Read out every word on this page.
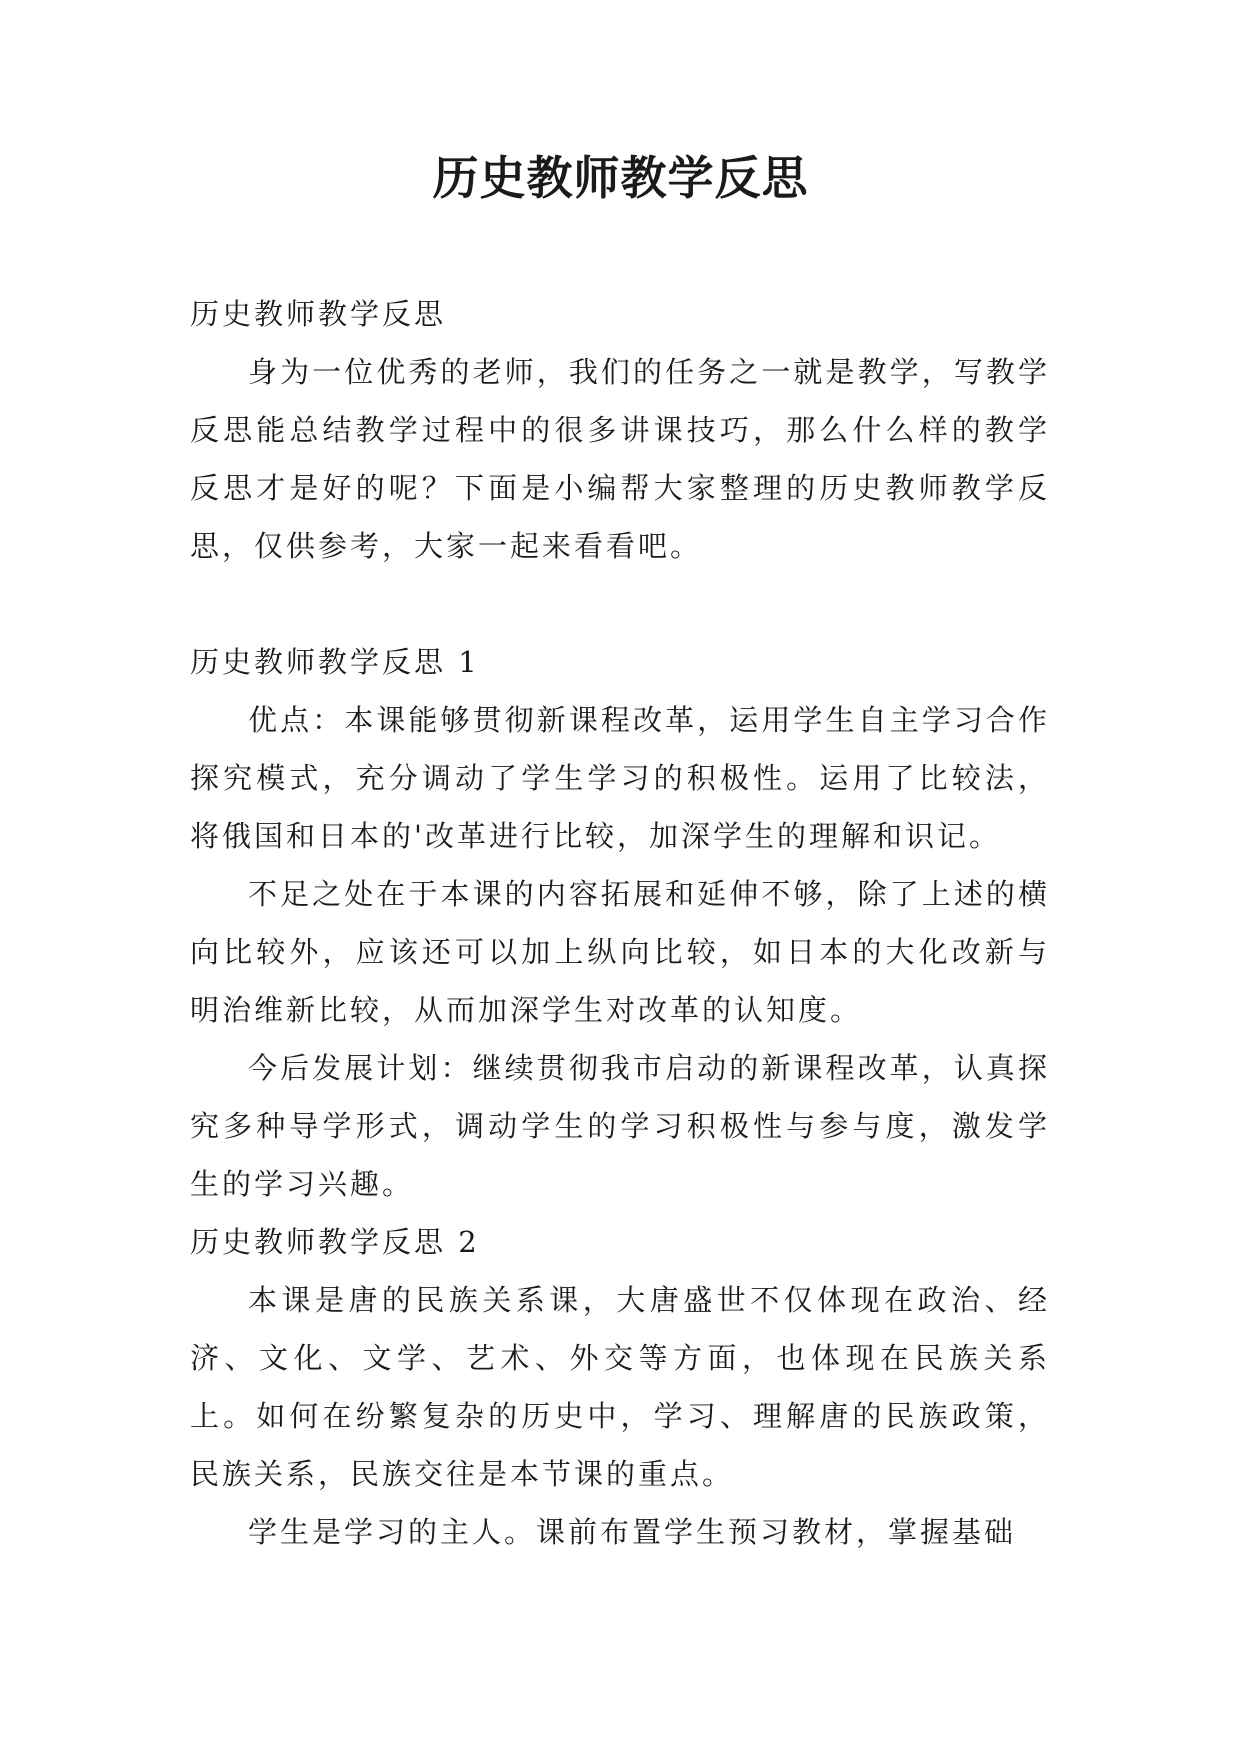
历史教师教学反思

历史教师教学反思

身为一位优秀的老师，我们的任务之一就是教学，写教学反思能总结教学过程中的很多讲课技巧，那么什么样的教学反思才是好的呢？下面是小编帮大家整理的历史教师教学反思，仅供参考，大家一起来看看吧。

历史教师教学反思 1

优点：本课能够贯彻新课程改革，运用学生自主学习合作探究模式，充分调动了学生学习的积极性。运用了比较法，将俄国和日本的'改革进行比较，加深学生的理解和识记。

不足之处在于本课的内容拓展和延伸不够，除了上述的横向比较外，应该还可以加上纵向比较，如日本的大化改新与明治维新比较，从而加深学生对改革的认知度。

今后发展计划：继续贯彻我市启动的新课程改革，认真探究多种导学形式，调动学生的学习积极性与参与度，激发学生的学习兴趣。

历史教师教学反思 2

本课是唐的民族关系课，大唐盛世不仅体现在政治、经济、文化、文学、艺术、外交等方面，也体现在民族关系上。如何在纷繁复杂的历史中，学习、理解唐的民族政策，民族关系，民族交往是本节课的重点。

学生是学习的主人。课前布置学生预习教材，掌握基础
